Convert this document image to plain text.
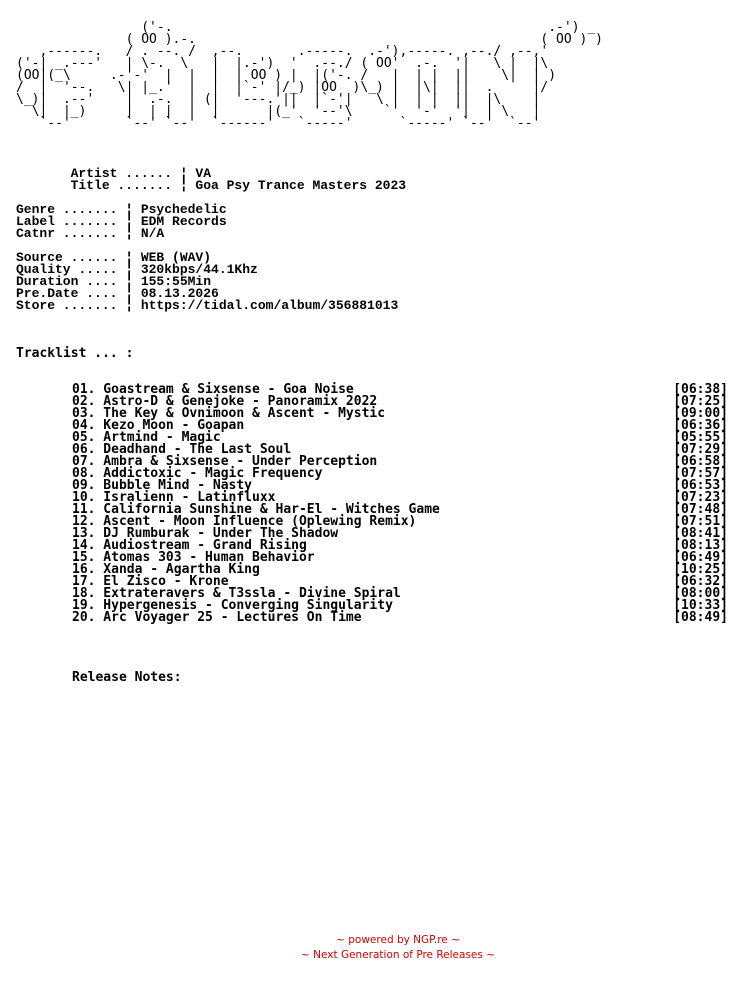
('-.                                                .-') _
( OO ).-.                                            ( OO ) )
,------.   / . --. /  ,--.       .-----.  .-'),-----. ,--./ ,--,'
('-| _.---'   | \-.  \   |  |.-')  '  .--./ ( OO'  .-.  '|   \ |  |\
(OO|(_\     .-'-'  |  |  |  | OO ) |  |('-. /   |  | |  ||    \|  | )
/  |  '--.   \| |_.'  |  |  |`-' |/_) |OO  )\_) |  |\|  ||  .     |/
\_)|  .--'    |  .-.  | (|  '---.'||  |`-'|   \ |  | |  ||  |\    |
\|  |_)     |  | |  |  |      |(_'  '--'\    `'  '-'  '|  | \   |
`--'       `--' `--'  `------'   `-----'      `-----' `--'  `--'
Artist ...... ¦ VA
Title ....... ¦ Goa Psy Trance Masters 2023
Genre ....... ¦ Psychedelic
Label ....... ¦ EDM Records
Catnr ....... ¦ N/A
Source ...... ¦ WEB (WAV)
Quality ..... ¦ 320kbps/44.1Khz
Duration .... ¦ 155:55Min
Pre.Date .... ¦ 08.13.2026
Store ....... ¦ https://tidal.com/album/356881013
Tracklist ... :
01. Goastream & Sixsense - Goa Noise	[06:38]
02. Astro-D & Genejoke - Panoramix 2022	[07:25]
03. The Key & Ovnimoon & Ascent - Mystic	[09:00]
04. Kezo Moon - Goapan	[06:36]
05. Artmind - Magic	[05:55]
06. Deadhand - The Last Soul	[07:29]
07. Ambra & Sixsense - Under Perception	[06:58]
08. Addictoxic - Magic Frequency	[07:57]
09. Bubble Mind - Nasty	[06:53]
10. Isralienn - Latinfluxx	[07:23]
11. California Sunshine & Har-El - Witches Game	[07:48]
12. Ascent - Moon Influence (Oplewing Remix)	[07:51]
13. DJ Rumburak - Under The Shadow	[08:41]
14. Audiostream - Grand Rising	[08:13]
15. Atomas 303 - Human Behavior	[06:49]
16. Xanda - Agartha King	[10:25]
17. El Zisco - Krone	[06:32]
18. Extrateravers & T3ssla - Divine Spiral	[08:00]
19. Hypergenesis - Converging Singularity	[10:33]
20. Arc Voyager 25 - Lectures On Time	[08:49]
Release Notes:
~ powered by NGP.re ~
~ Next Generation of Pre Releases ~
